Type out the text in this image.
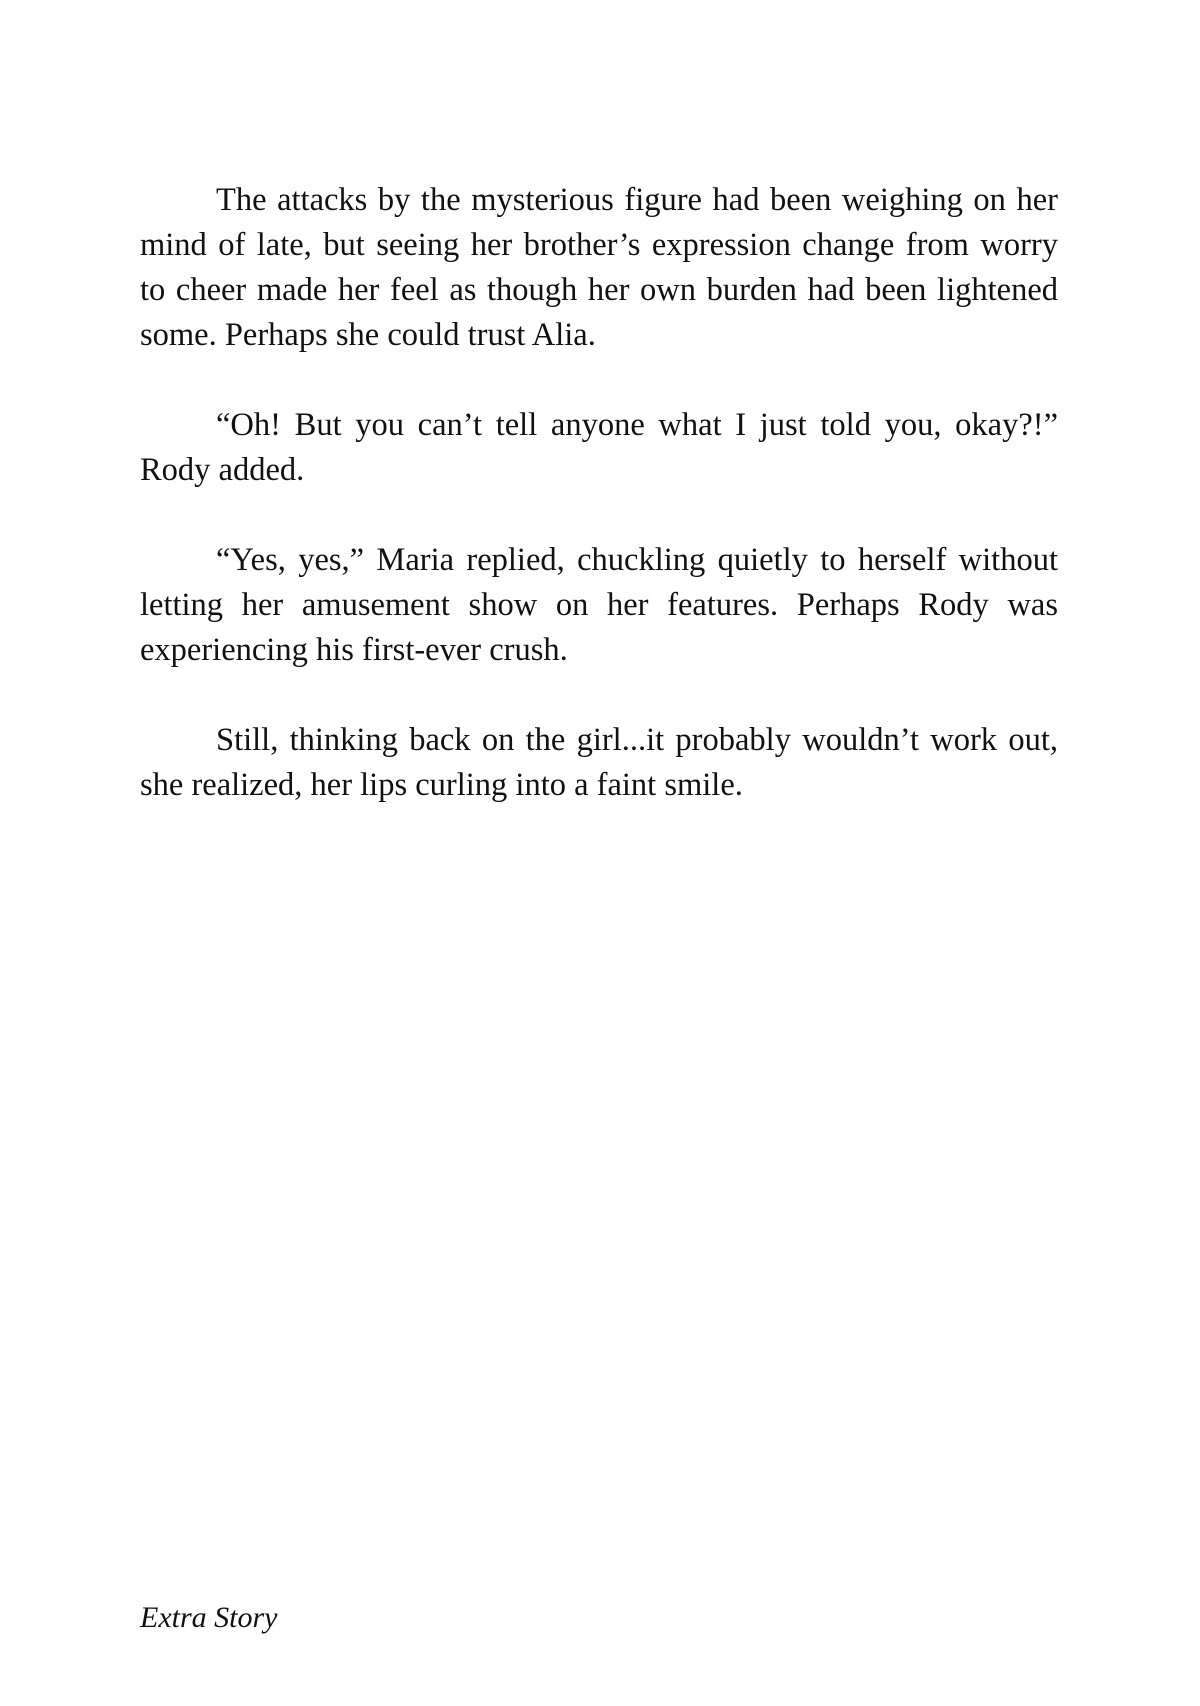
The attacks by the mysterious figure had been weighing on her mind of late, but seeing her brother’s expression change from worry to cheer made her feel as though her own burden had been lightened some. Perhaps she could trust Alia.

“Oh! But you can’t tell anyone what I just told you, okay?!” Rody added.

“Yes, yes,” Maria replied, chuckling quietly to herself without letting her amusement show on her features. Perhaps Rody was experiencing his first-ever crush.

Still, thinking back on the girl...it probably wouldn’t work out, she realized, her lips curling into a faint smile.

Extra Story
